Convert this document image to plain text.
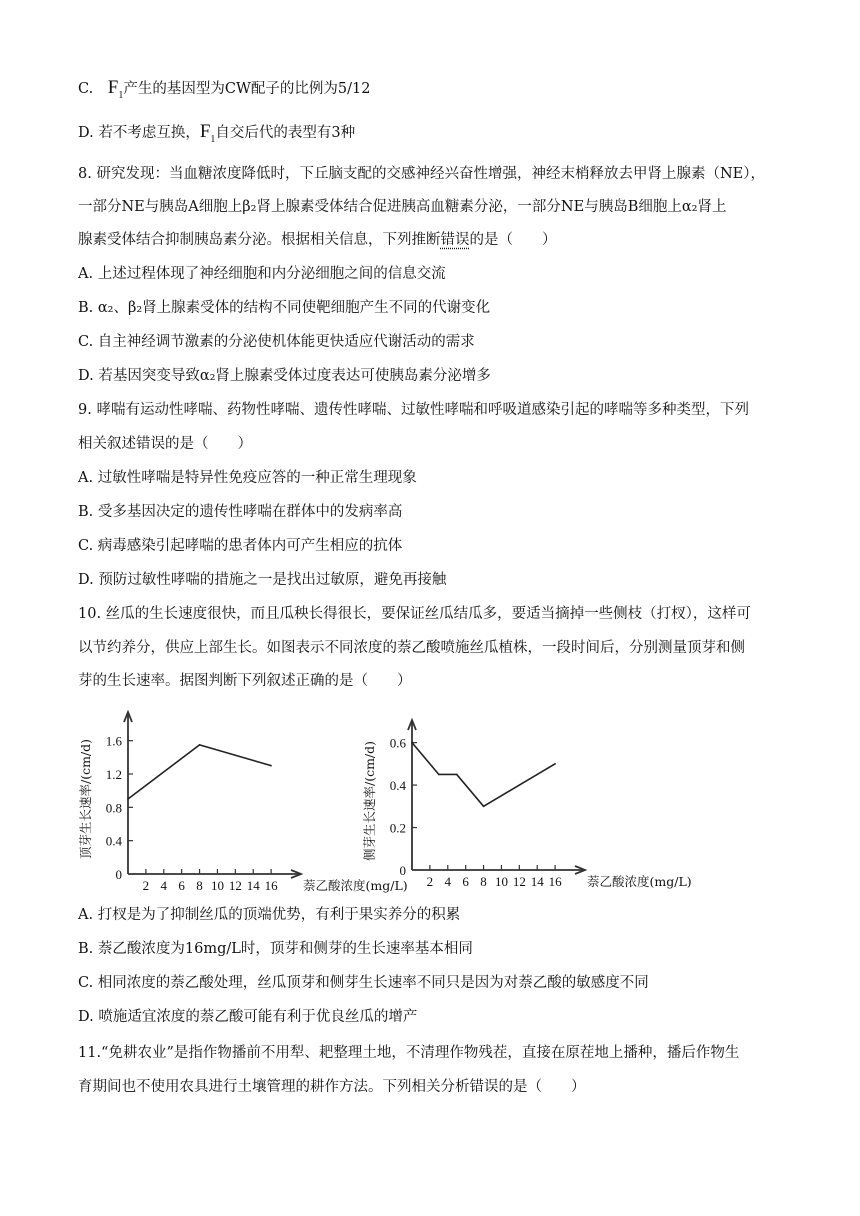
C. $F_1$产生的基因型为CW配子的比例为5/12
D. 若不考虑互换，$F_1$自交后代的表型有3种
8. 研究发现：当血糖浓度降低时，下丘脑支配的交感神经兴奋性增强，神经末梢释放去甲肾上腺素（NE），
一部分NE与胰岛A细胞上β₂肾上腺素受体结合促进胰高血糖素分泌，一部分NE与胰岛B细胞上α₂肾上
腺素受体结合抑制胰岛素分泌。根据相关信息，下列推断错误的是（　　）
A. 上述过程体现了神经细胞和内分泌细胞之间的信息交流
B. α₂、β₂肾上腺素受体的结构不同使靶细胞产生不同的代谢变化
C. 自主神经调节激素的分泌使机体能更快适应代谢活动的需求
D. 若基因突变导致α₂肾上腺素受体过度表达可使胰岛素分泌增多
9. 哮喘有运动性哮喘、药物性哮喘、遗传性哮喘、过敏性哮喘和呼吸道感染引起的哮喘等多种类型，下列
相关叙述错误的是（　　）
A. 过敏性哮喘是特异性免疫应答的一种正常生理现象
B. 受多基因决定的遗传性哮喘在群体中的发病率高
C. 病毒感染引起哮喘的患者体内可产生相应的抗体
D. 预防过敏性哮喘的措施之一是找出过敏原，避免再接触
10. 丝瓜的生长速度很快，而且瓜秧长得很长，要保证丝瓜结瓜多，要适当摘掉一些侧枝（打杈），这样可
以节约养分，供应上部生长。如图表示不同浓度的萘乙酸喷施丝瓜植株，一段时间后，分别测量顶芽和侧
芽的生长速率。据图判断下列叙述正确的是（　　）
0
0.4
0.8
1.2
1.6
2 4 6 8 10 12 14 16 萘乙酸浓度(mg/L)
顶芽生长速率/(cm/d)
0
0.2
0.4
0.6
2 4 6 8 10 12 14 16 萘乙酸浓度(mg/L)
侧芽生长速率/(cm/d)
A. 打杈是为了抑制丝瓜的顶端优势，有利于果实养分的积累
B. 萘乙酸浓度为16mg/L时，顶芽和侧芽的生长速率基本相同
C. 相同浓度的萘乙酸处理，丝瓜顶芽和侧芽生长速率不同只是因为对萘乙酸的敏感度不同
D. 喷施适宜浓度的萘乙酸可能有利于优良丝瓜的增产
11.“免耕农业”是指作物播前不用犁、耙整理土地，不清理作物残茬，直接在原茬地上播种，播后作物生
育期间也不使用农具进行土壤管理的耕作方法。下列相关分析错误的是（　　）
